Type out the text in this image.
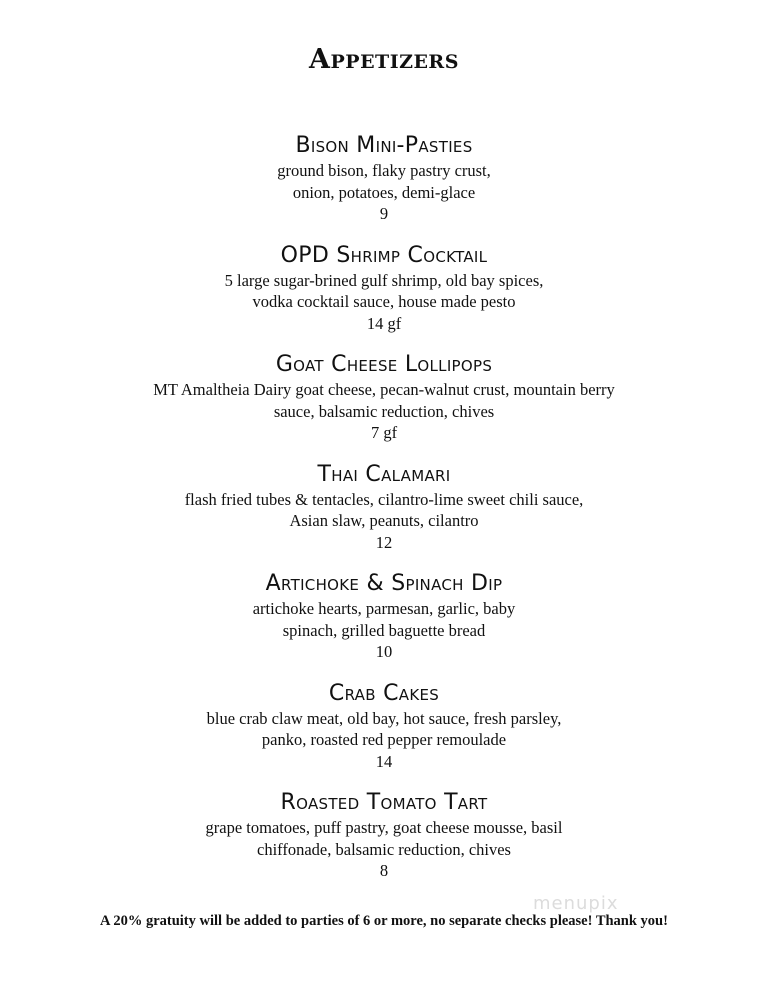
Appetizers
Bison Mini-Pasties
ground bison, flaky pastry crust,
onion, potatoes, demi-glace
9
OPD Shrimp Cocktail
5 large sugar-brined gulf shrimp, old bay spices,
vodka cocktail sauce, house made pesto
14 gf
Goat Cheese Lollipops
MT Amaltheia Dairy goat cheese, pecan-walnut crust, mountain berry
sauce, balsamic reduction, chives
7 gf
Thai Calamari
flash fried tubes & tentacles, cilantro-lime sweet chili sauce,
Asian slaw, peanuts, cilantro
12
Artichoke & Spinach Dip
artichoke hearts, parmesan, garlic, baby
spinach, grilled baguette bread
10
Crab Cakes
blue crab claw meat, old bay, hot sauce, fresh parsley,
panko, roasted red pepper remoulade
14
Roasted Tomato Tart
grape tomatoes, puff pastry, goat cheese mousse, basil
chiffonade, balsamic reduction, chives
8
menupix
A 20% gratuity will be added to parties of 6 or more, no separate checks please! Thank you!
